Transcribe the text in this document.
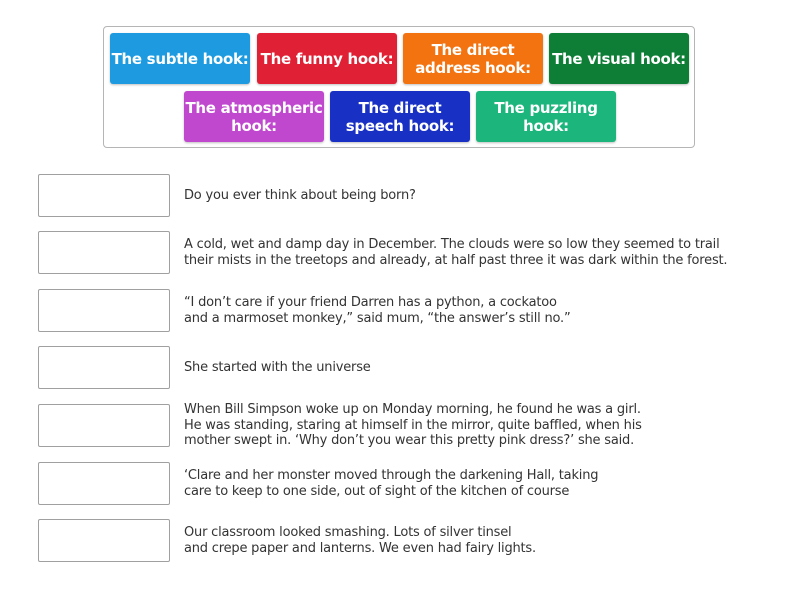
The subtle hook: The funny hook:	The direct
address hook: The visual hook:
The atmospheric
hook:
The direct
speech hook:
The puzzling
hook:
Do you ever think about being born?
A cold, wet and damp day in December. The clouds were so low they seemed to trail
their mists in the treetops and already, at half past three it was dark within the forest.
“I don’t care if your friend Darren has a python, a cockatoo
and a marmoset monkey,” said mum, “the answer’s still no.”
She started with the universe
When Bill Simpson woke up on Monday morning, he found he was a girl.
He was standing, staring at himself in the mirror, quite baffled, when his
mother swept in. ‘Why don’t you wear this pretty pink dress?’ she said.
‘Clare and her monster moved through the darkening Hall, taking
care to keep to one side, out of sight of the kitchen of course
Our classroom looked smashing. Lots of silver tinsel
and crepe paper and lanterns. We even had fairy lights.
